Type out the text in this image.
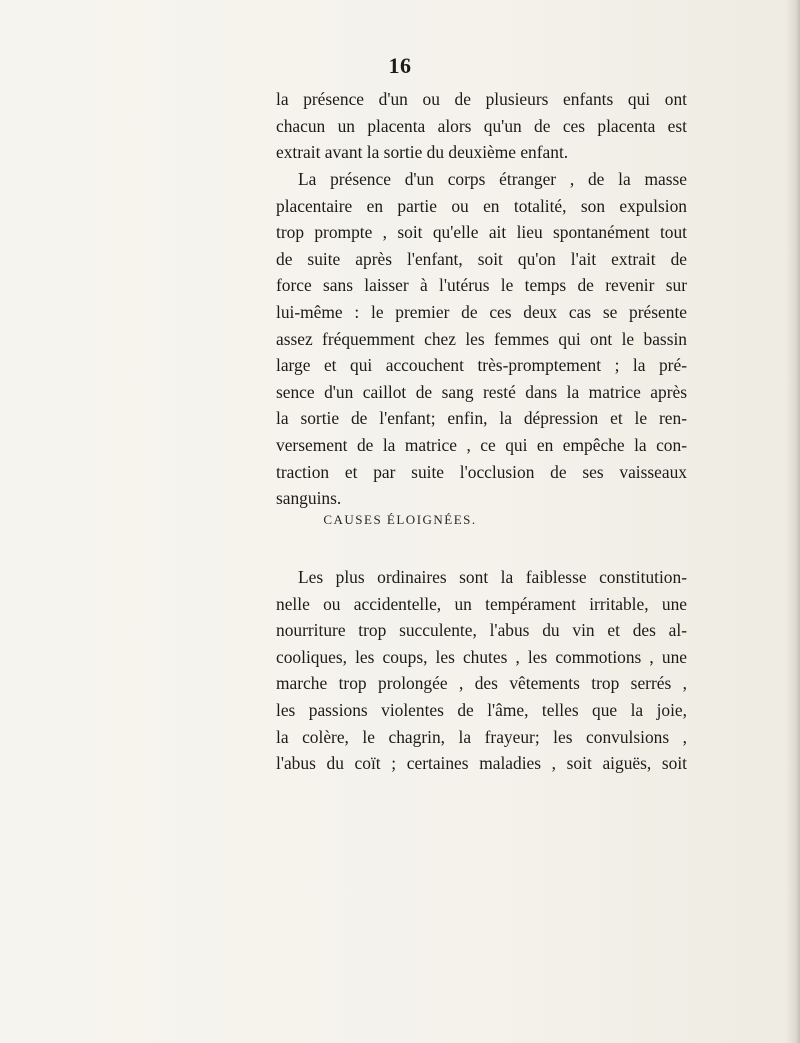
16
la présence d'un ou de plusieurs enfants qui ont
chacun un placenta alors qu'un de ces placenta est
extrait avant la sortie du deuxième enfant.
La présence d'un corps étranger , de la masse
placentaire en partie ou en totalité, son expulsion
trop prompte , soit qu'elle ait lieu spontanément tout
de suite après l'enfant, soit qu'on l'ait extrait de
force sans laisser à l'utérus le temps de revenir sur
lui-même : le premier de ces deux cas se présente
assez fréquemment chez les femmes qui ont le bassin
large et qui accouchent très-promptement ; la pré-
sence d'un caillot de sang resté dans la matrice après
la sortie de l'enfant; enfin, la dépression et le ren-
versement de la matrice , ce qui en empêche la con-
traction et par suite l'occlusion de ses vaisseaux
sanguins.
CAUSES ÉLOIGNÉES.
Les plus ordinaires sont la faiblesse constitution-
nelle ou accidentelle, un tempérament irritable, une
nourriture trop succulente, l'abus du vin et des al-
cooliques, les coups, les chutes , les commotions , une
marche trop prolongée , des vêtements trop serrés ,
les passions violentes de l'âme, telles que la joie,
la colère, le chagrin, la frayeur; les convulsions ,
l'abus du coït ; certaines maladies , soit aiguës, soit
